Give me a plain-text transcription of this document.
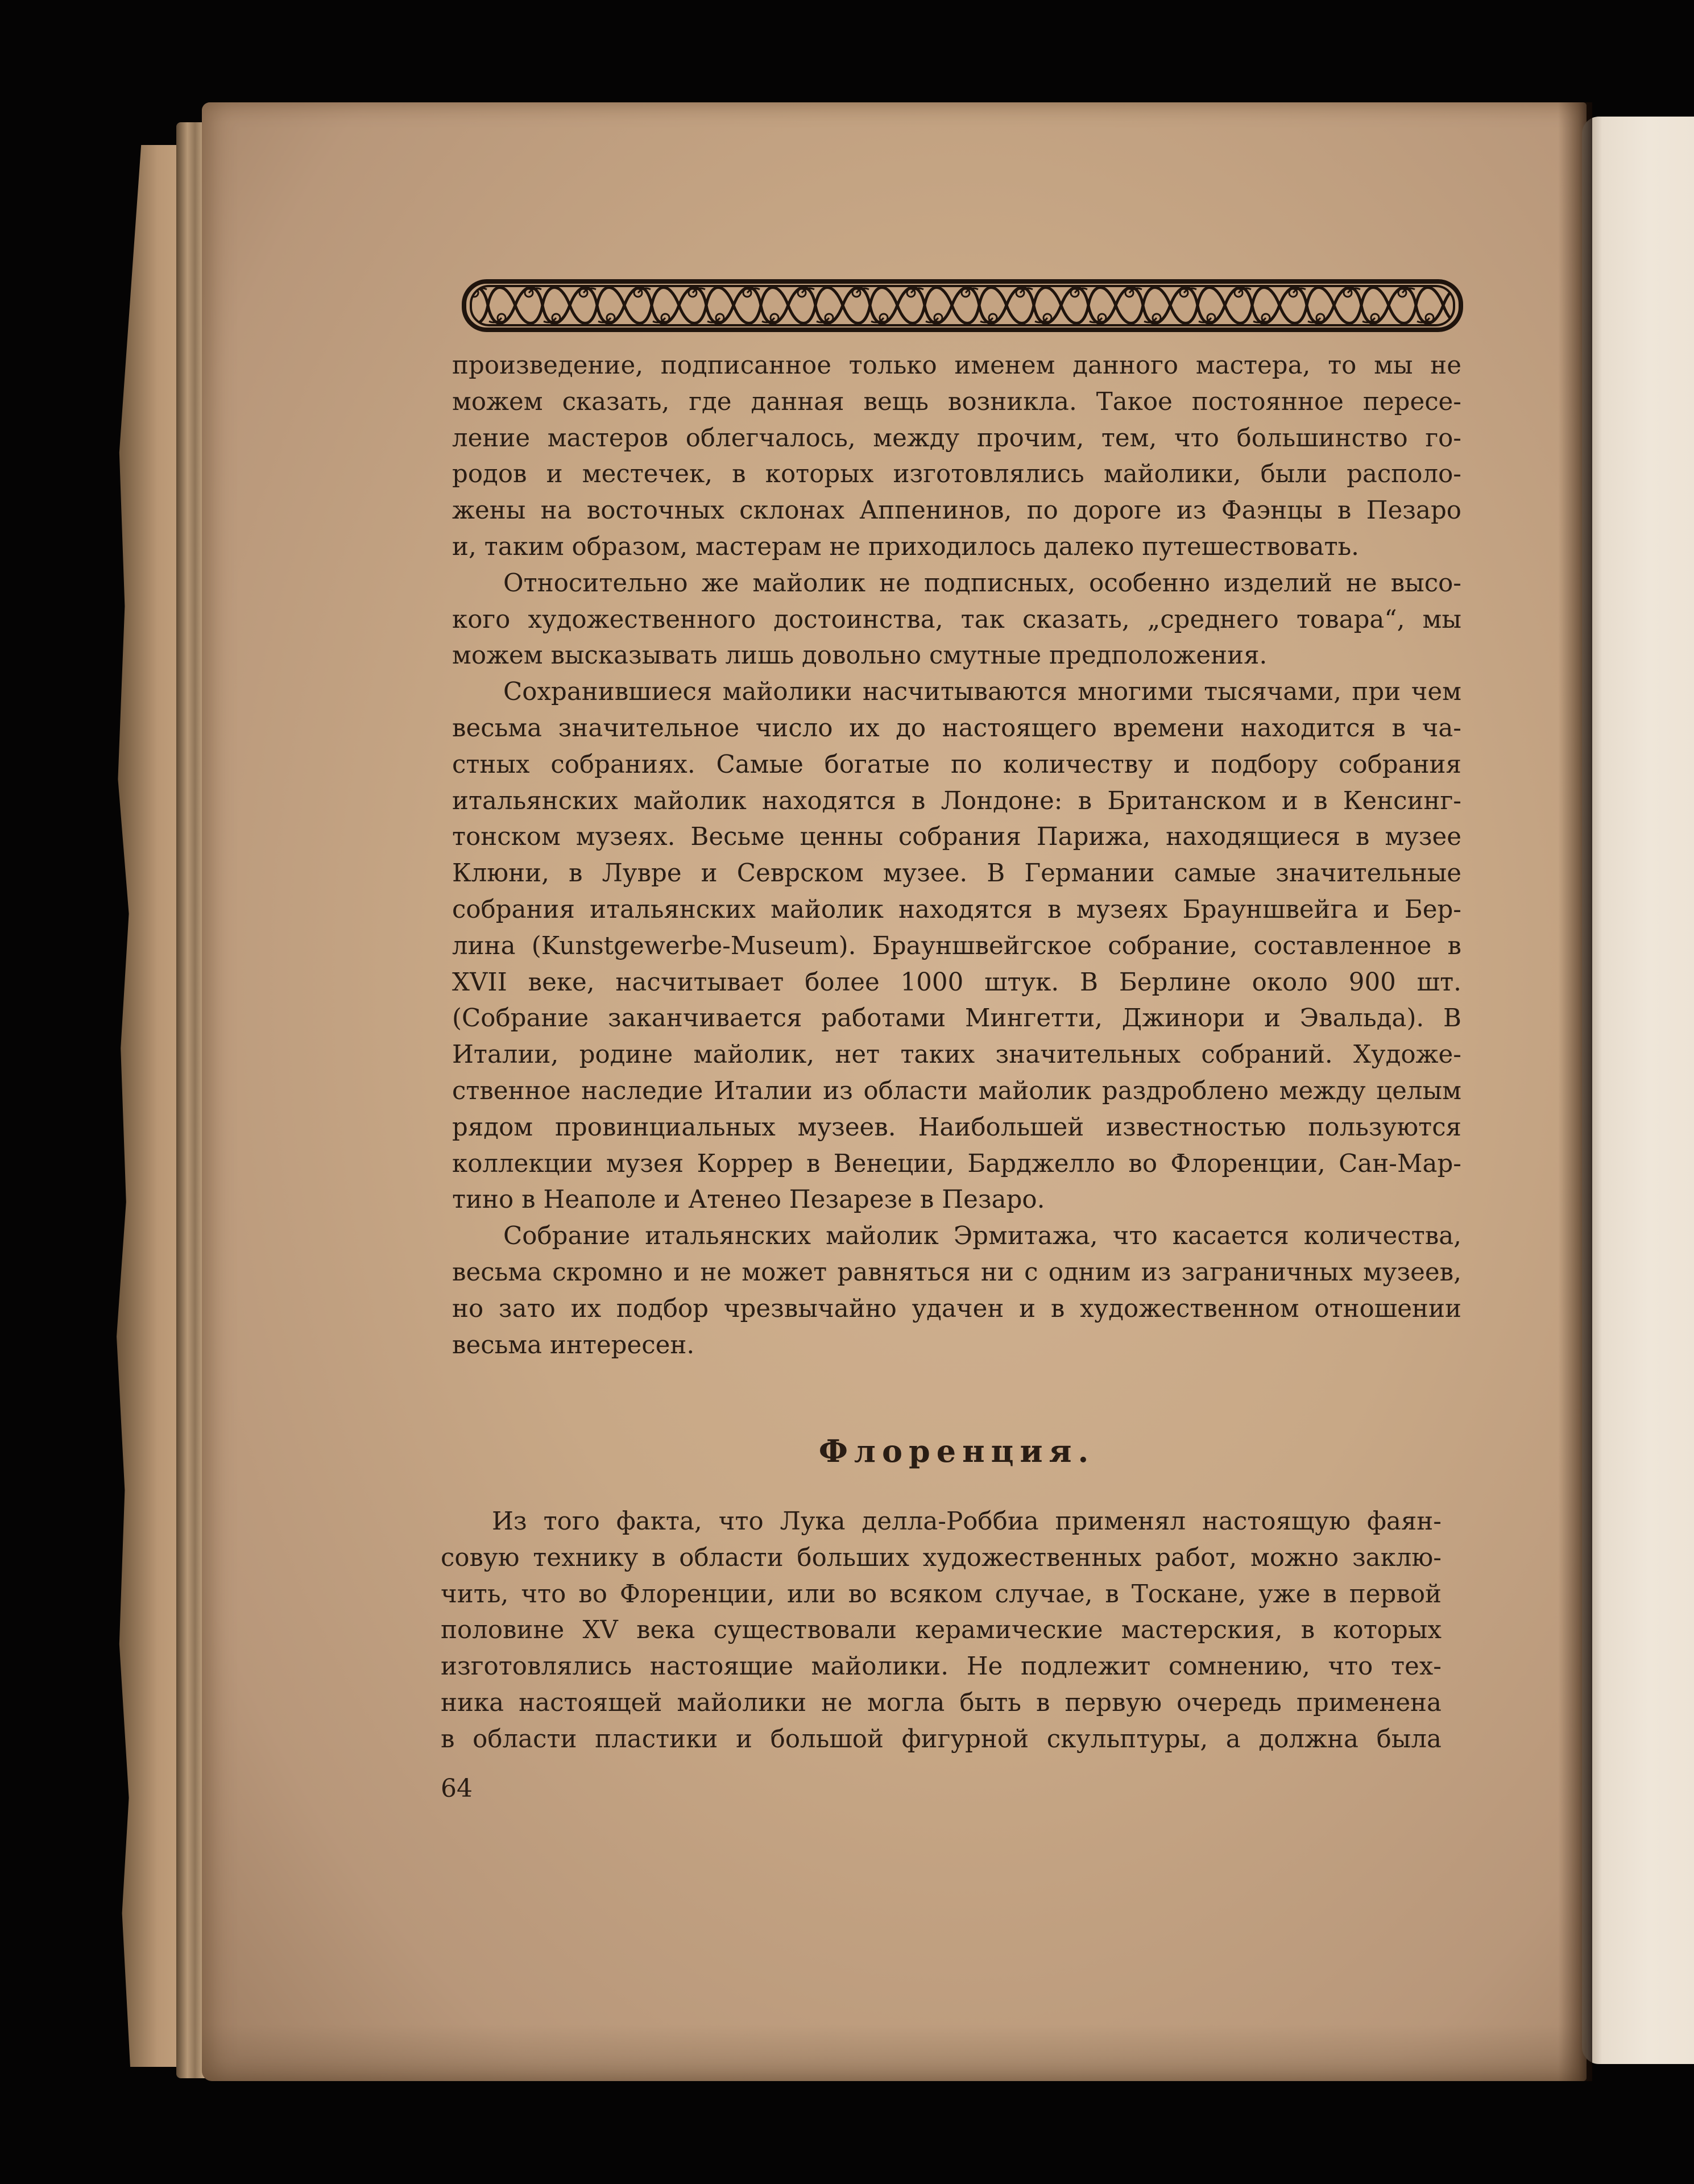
произведение, подписанное только именем данного мастера, то мы не
можем сказать, где данная вещь возникла. Такое постоянное пересе-
ление мастеров облегчалось, между прочим, тем, что большинство го-
родов и местечек, в которых изготовлялись майолики, были располо-
жены на восточных склонах Аппенинов, по дороге из Фаэнцы в Пезаро
и, таким образом, мастерам не приходилось далеко путешествовать.

Относительно же майолик не подписных, особенно изделий не высо-
кого художественного достоинства, так сказать, „среднего товара“, мы
можем высказывать лишь довольно смутные предположения.

Сохранившиеся майолики насчитываются многими тысячами, при чем
весьма значительное число их до настоящего времени находится в ча-
стных собраниях. Самые богатые по количеству и подбору собрания
итальянских майолик находятся в Лондоне: в Британском и в Кенсинг-
тонском музеях. Весьме ценны собрания Парижа, находящиеся в музее
Клюни, в Лувре и Севрском музее. В Германии самые значительные
собрания итальянских майолик находятся в музеях Брауншвейга и Бер-
лина (Kunstgewerbe-Museum). Брауншвейгское собрание, составленное в
XVII веке, насчитывает более 1000 штук. В Берлине около 900 шт.
(Собрание заканчивается работами Мингетти, Джинори и Эвальда). В
Италии, родине майолик, нет таких значительных собраний. Художе-
ственное наследие Италии из области майолик раздроблено между целым
рядом провинциальных музеев. Наибольшей известностью пользуются
коллекции музея Коррер в Венеции, Барджелло во Флоренции, Сан-Мар-
тино в Неаполе и Атенео Пезарезе в Пезаро.

Собрание итальянских майолик Эрмитажа, что касается количества,
весьма скромно и не может равняться ни с одним из заграничных музеев,
но зато их подбор чрезвычайно удачен и в художественном отношении
весьма интересен.

Флоренция.

Из того факта, что Лука делла-Роббиа применял настоящую фаян-
совую технику в области больших художественных работ, можно заклю-
чить, что во Флоренции, или во всяком случае, в Тоскане, уже в первой
половине XV века существовали керамические мастерския, в которых
изготовлялись настоящие майолики. Не подлежит сомнению, что тех-
ника настоящей майолики не могла быть в первую очередь применена
в области пластики и большой фигурной скульптуры, а должна была

64
